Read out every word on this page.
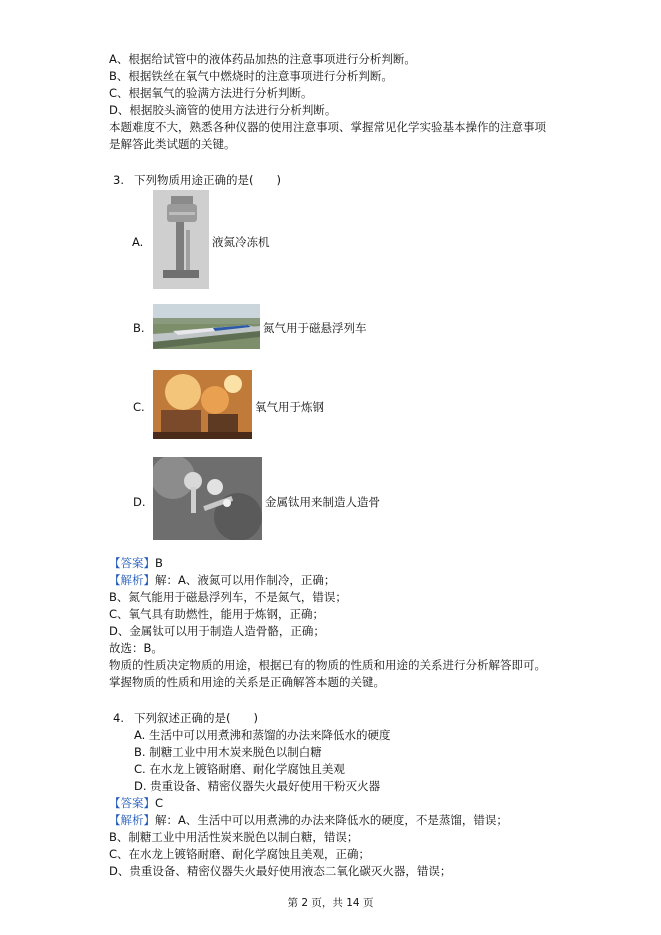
A、根据给试管中的液体药品加热的注意事项进行分析判断。
B、根据铁丝在氧气中燃烧时的注意事项进行分析判断。
C、根据氧气的验满方法进行分析判断。
D、根据胶头滴管的使用方法进行分析判断。
本题难度不大，熟悉各种仪器的使用注意事项、掌握常见化学实验基本操作的注意事项
是解答此类试题的关键。
3. 下列物质用途正确的是(　　)
A.	液氮冷冻机
B.	氮气用于磁悬浮列车
C.	氧气用于炼钢
D.	金属钛用来制造人造骨
【答案】B
【解析】解：A、液氮可以用作制冷，正确；
B、氮气能用于磁悬浮列车，不是氮气，错误；
C、氧气具有助燃性，能用于炼钢，正确；
D、金属钛可以用于制造人造骨骼，正确；
故选：B。
物质的性质决定物质的用途，根据已有的物质的性质和用途的关系进行分析解答即可。
掌握物质的性质和用途的关系是正确解答本题的关键。
4. 下列叙述正确的是(　　)
A. 生活中可以用煮沸和蒸馏的办法来降低水的硬度
B. 制糖工业中用木炭来脱色以制白糖
C. 在水龙上镀铬耐磨、耐化学腐蚀且美观
D. 贵重设备、精密仪器失火最好使用干粉灭火器
【答案】C
【解析】解：A、生活中可以用煮沸的办法来降低水的硬度，不是蒸馏，错误；
B、制糖工业中用活性炭来脱色以制白糖，错误；
C、在水龙上镀铬耐磨、耐化学腐蚀且美观，正确；
D、贵重设备、精密仪器失火最好使用液态二氧化碳灭火器，错误；
第 2 页，共 14 页
